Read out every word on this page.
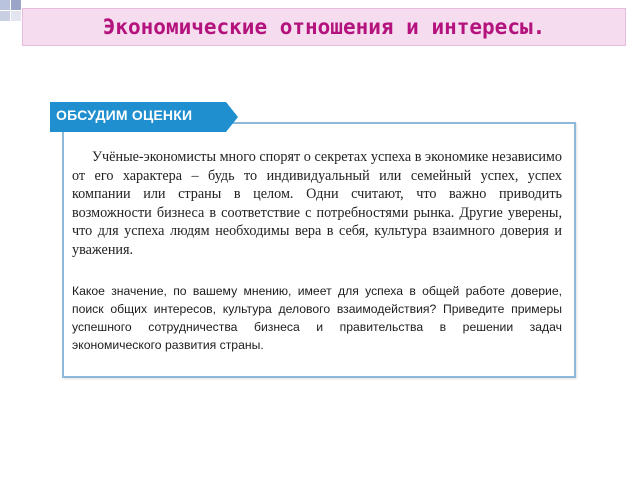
Экономические отношения и интересы.
ОБСУДИМ ОЦЕНКИ
Учёные-экономисты много спорят о секретах успеха в экономике независимо от его характера – будь то индивидуальный или семейный успех, успех компании или страны в целом. Одни считают, что важно приводить возможности бизнеса в соответствие с потребностями рынка. Другие уверены, что для успеха людям необходимы вера в себя, культура взаимного доверия и уважения.
Какое значение, по вашему мнению, имеет для успеха в общей работе доверие, поиск общих интересов, культура делового взаимодействия? Приведите примеры успешного сотрудничества бизнеса и правительства в решении задач экономического развития страны.
